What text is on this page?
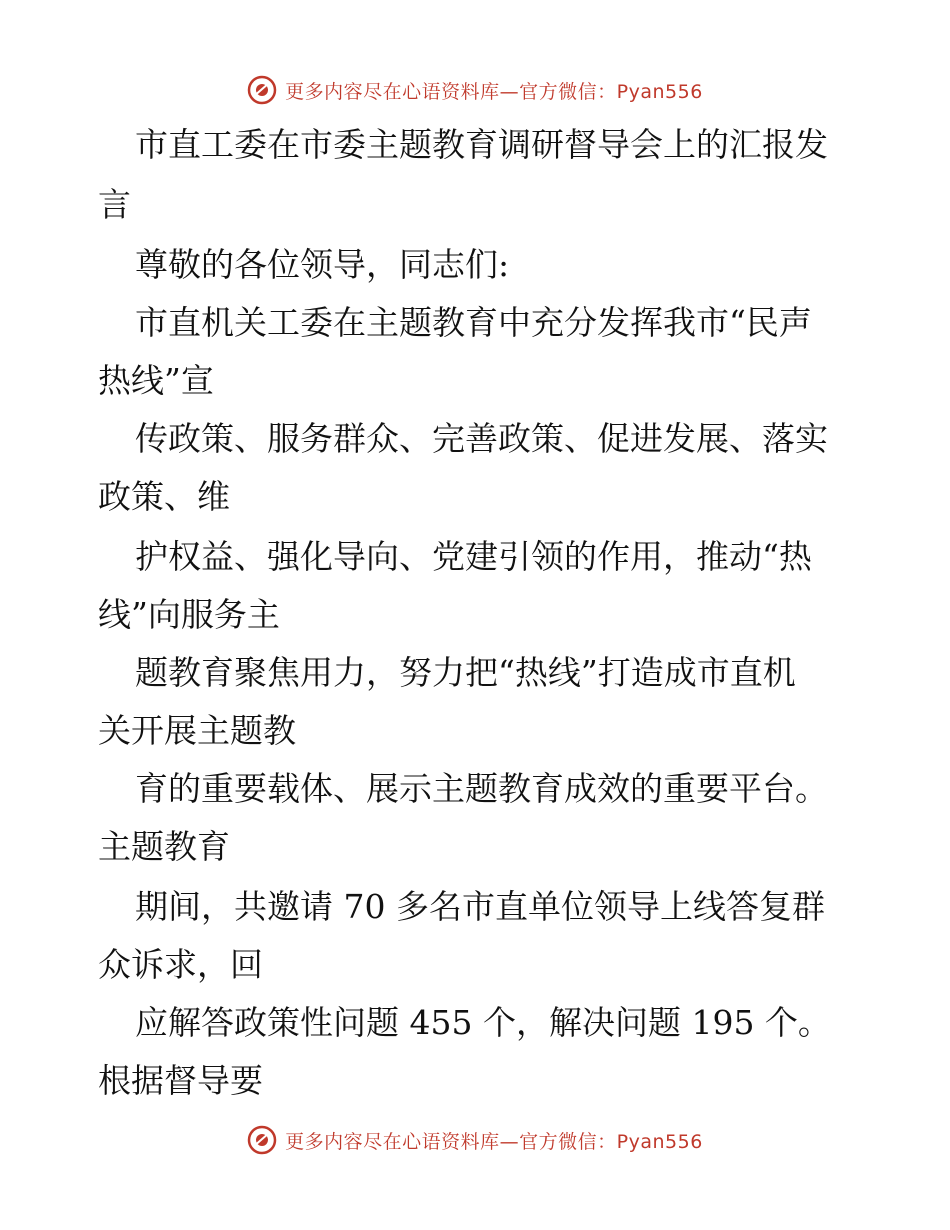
更多内容尽在心语资料库—官方微信：Pyan556
市直工委在市委主题教育调研督导会上的汇报发
言
尊敬的各位领导，同志们:
市直机关工委在主题教育中充分发挥我市“民声
热线”宣
传政策、服务群众、完善政策、促进发展、落实
政策、维
护权益、强化导向、党建引领的作用，推动“热
线”向服务主
题教育聚焦用力，努力把“热线”打造成市直机
关开展主题教
育的重要载体、展示主题教育成效的重要平台。
主题教育
期间，共邀请 70 多名市直单位领导上线答复群
众诉求，回
应解答政策性问题 455 个，解决问题 195 个。
根据督导要
更多内容尽在心语资料库—官方微信：Pyan556
